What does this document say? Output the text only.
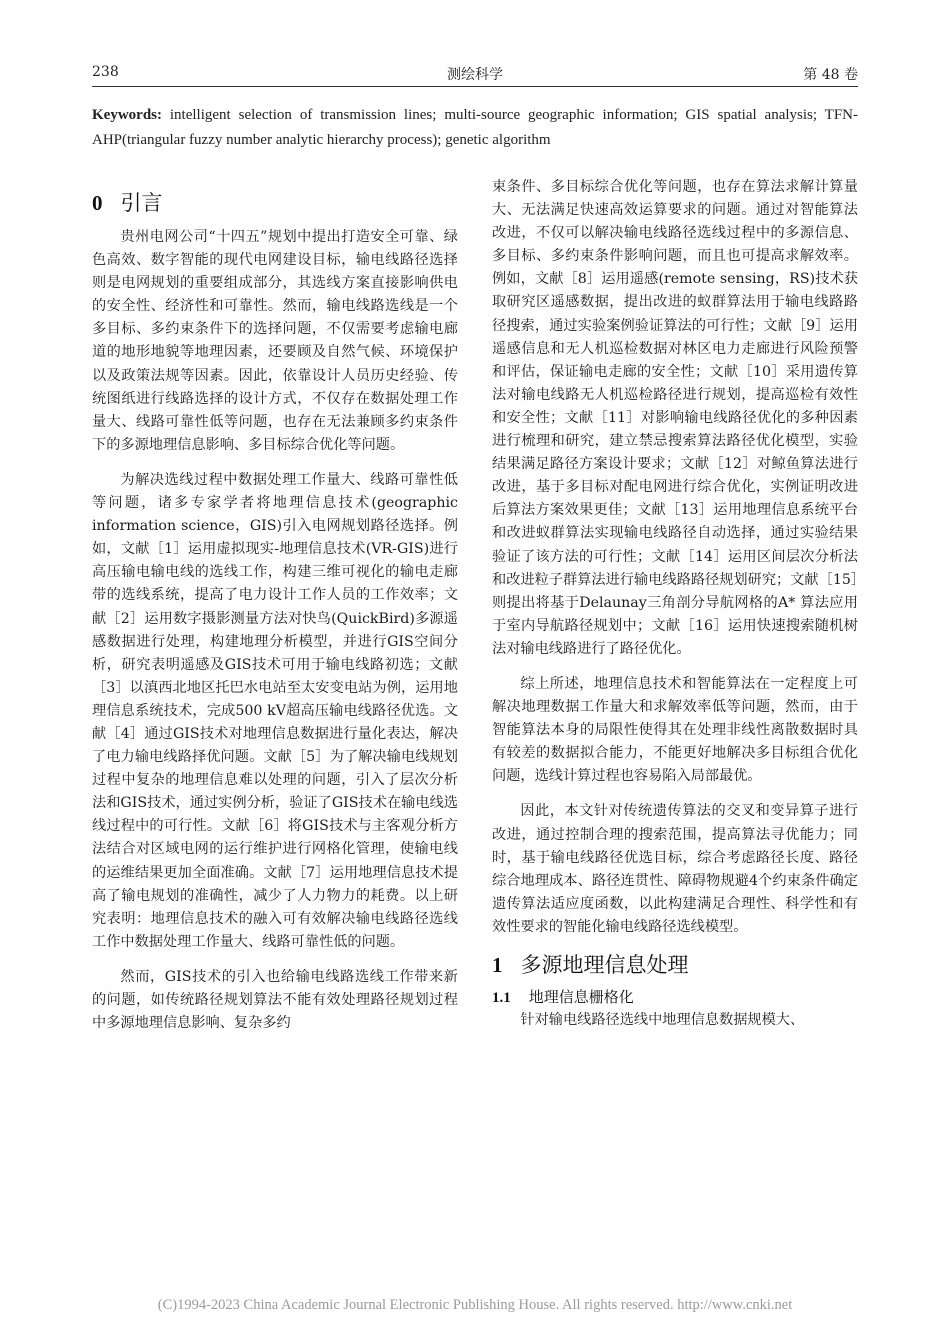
238	测绘科学	第 48 卷
Keywords: intelligent selection of transmission lines; multi-source geographic information; GIS spatial analysis; TFN-AHP(triangular fuzzy number analytic hierarchy process); genetic algorithm
0 引言

贵州电网公司“十四五”规划中提出打造安全可靠、绿色高效、数字智能的现代电网建设目标，输电线路径选择则是电网规划的重要组成部分，其选线方案直接影响供电的安全性、经济性和可靠性。然而，输电线路选线是一个多目标、多约束条件下的选择问题，不仅需要考虑输电廊道的地形地貌等地理因素，还要顾及自然气候、环境保护以及政策法规等因素。因此，依靠设计人员历史经验、传统图纸进行线路选择的设计方式，不仅存在数据处理工作量大、线路可靠性低等问题，也存在无法兼顾多约束条件下的多源地理信息影响、多目标综合优化等问题。

为解决选线过程中数据处理工作量大、线路可靠性低等问题，诸多专家学者将地理信息技术(geographic information science，GIS)引入电网规划路径选择。例如，文献［1］运用虚拟现实-地理信息技术(VR-GIS)进行高压输电输电线的选线工作，构建三维可视化的输电走廊带的选线系统，提高了电力设计工作人员的工作效率；文献［2］运用数字摄影测量方法对快鸟(QuickBird)多源遥感数据进行处理，构建地理分析模型，并进行GIS空间分析，研究表明遥感及GIS技术可用于输电线路初选；文献［3］以滇西北地区托巴水电站至太安变电站为例，运用地理信息系统技术，完成500 kV超高压输电线路径优选。文献［4］通过GIS技术对地理信息数据进行量化表达，解决了电力输电线路择优问题。文献［5］为了解决输电线规划过程中复杂的地理信息难以处理的问题，引入了层次分析法和GIS技术，通过实例分析，验证了GIS技术在输电线选线过程中的可行性。文献［6］将GIS技术与主客观分析方法结合对区域电网的运行维护进行网格化管理，使输电线的运维结果更加全面准确。文献［7］运用地理信息技术提高了输电规划的准确性，减少了人力物力的耗费。以上研究表明：地理信息技术的融入可有效解决输电线路径选线工作中数据处理工作量大、线路可靠性低的问题。

然而，GIS技术的引入也给输电线路选线工作带来新的问题，如传统路径规划算法不能有效处理路径规划过程中多源地理信息影响、复杂多约

束条件、多目标综合优化等问题，也存在算法求解计算量大、无法满足快速高效运算要求的问题。通过对智能算法改进，不仅可以解决输电线路径选线过程中的多源信息、多目标、多约束条件影响问题，而且也可提高求解效率。例如，文献［8］运用遥感(remote sensing，RS)技术获取研究区遥感数据，提出改进的蚁群算法用于输电线路路径搜索，通过实验案例验证算法的可行性；文献［9］运用遥感信息和无人机巡检数据对林区电力走廊进行风险预警和评估，保证输电走廊的安全性；文献［10］采用遗传算法对输电线路无人机巡检路径进行规划，提高巡检有效性和安全性；文献［11］对影响输电线路径优化的多种因素进行梳理和研究，建立禁忌搜索算法路径优化模型，实验结果满足路径方案设计要求；文献［12］对鲸鱼算法进行改进，基于多目标对配电网进行综合优化，实例证明改进后算法方案效果更佳；文献［13］运用地理信息系统平台和改进蚁群算法实现输电线路径自动选择，通过实验结果验证了该方法的可行性；文献［14］运用区间层次分析法和改进粒子群算法进行输电线路路径规划研究；文献［15］则提出将基于Delaunay三角剖分导航网格的A* 算法应用于室内导航路径规划中；文献［16］运用快速搜索随机树法对输电线路进行了路径优化。

综上所述，地理信息技术和智能算法在一定程度上可解决地理数据工作量大和求解效率低等问题，然而，由于智能算法本身的局限性使得其在处理非线性离散数据时具有较差的数据拟合能力，不能更好地解决多目标组合优化问题，选线计算过程也容易陷入局部最优。

因此，本文针对传统遗传算法的交叉和变异算子进行改进，通过控制合理的搜索范围，提高算法寻优能力；同时，基于输电线路径优选目标，综合考虑路径长度、路径综合地理成本、路径连贯性、障碍物规避4个约束条件确定遗传算法适应度函数，以此构建满足合理性、科学性和有效性要求的智能化输电线路径选线模型。

1 多源地理信息处理
1.1 地理信息栅格化

针对输电线路径选线中地理信息数据规模大、

(C)1994-2023 China Academic Journal Electronic Publishing House. All rights reserved. http://www.cnki.net
